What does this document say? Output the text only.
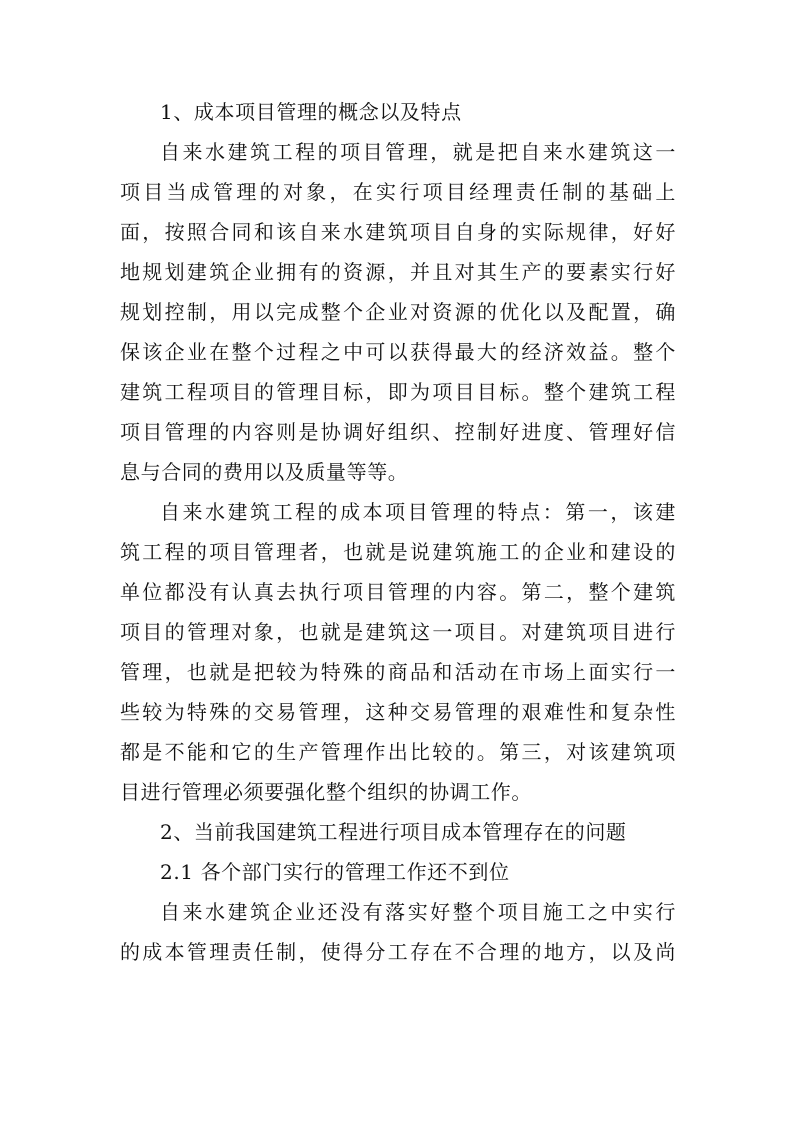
1、成本项目管理的概念以及特点
自来水建筑工程的项目管理，就是把自来水建筑这一
项目当成管理的对象，在实行项目经理责任制的基础上
面，按照合同和该自来水建筑项目自身的实际规律，好好
地规划建筑企业拥有的资源，并且对其生产的要素实行好
规划控制，用以完成整个企业对资源的优化以及配置，确
保该企业在整个过程之中可以获得最大的经济效益。整个
建筑工程项目的管理目标，即为项目目标。整个建筑工程
项目管理的内容则是协调好组织、控制好进度、管理好信
息与合同的费用以及质量等等。
自来水建筑工程的成本项目管理的特点：第一，该建
筑工程的项目管理者，也就是说建筑施工的企业和建设的
单位都没有认真去执行项目管理的内容。第二，整个建筑
项目的管理对象，也就是建筑这一项目。对建筑项目进行
管理，也就是把较为特殊的商品和活动在市场上面实行一
些较为特殊的交易管理，这种交易管理的艰难性和复杂性
都是不能和它的生产管理作出比较的。第三，对该建筑项
目进行管理必须要强化整个组织的协调工作。
2、当前我国建筑工程进行项目成本管理存在的问题
2.1 各个部门实行的管理工作还不到位
自来水建筑企业还没有落实好整个项目施工之中实行
的成本管理责任制，使得分工存在不合理的地方，以及尚
